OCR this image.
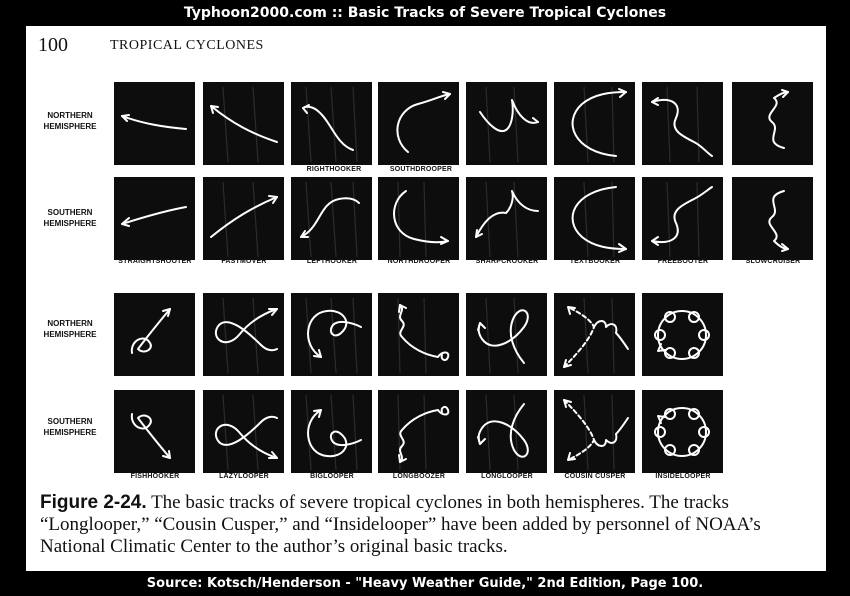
Typhoon2000.com :: Basic Tracks of Severe Tropical Cyclones
100	TROPICAL CYCLONES
NORTHERN
HEMISPHERE
SOUTHERN
HEMISPHERE
NORTHERN
HEMISPHERE
SOUTHERN
HEMISPHERE
RIGHTHOOKER	SOUTHDROOPER
STRAIGHTSHOOTER	FASTMOVER	LEFTHOOKER	NORTHDROOPER	SHARPCROOKER	TEXTBOOKER	FREEBOOTER	SLOWCRUISER
FISHHOOKER	LAZYLOOPER	BIGLOOPER	LONGBOOZER	LONGLOOPER	COUSIN CUSPER	INSIDELOOPER
Figure 2-24. The basic tracks of severe tropical cyclones in both hemispheres. The tracks “Longlooper,” “Cousin Cusper,” and “Insidelooper” have been added by personnel of NOAA’s National Climatic Center to the author’s original basic tracks.
Source: Kotsch/Henderson - "Heavy Weather Guide," 2nd Edition, Page 100.
